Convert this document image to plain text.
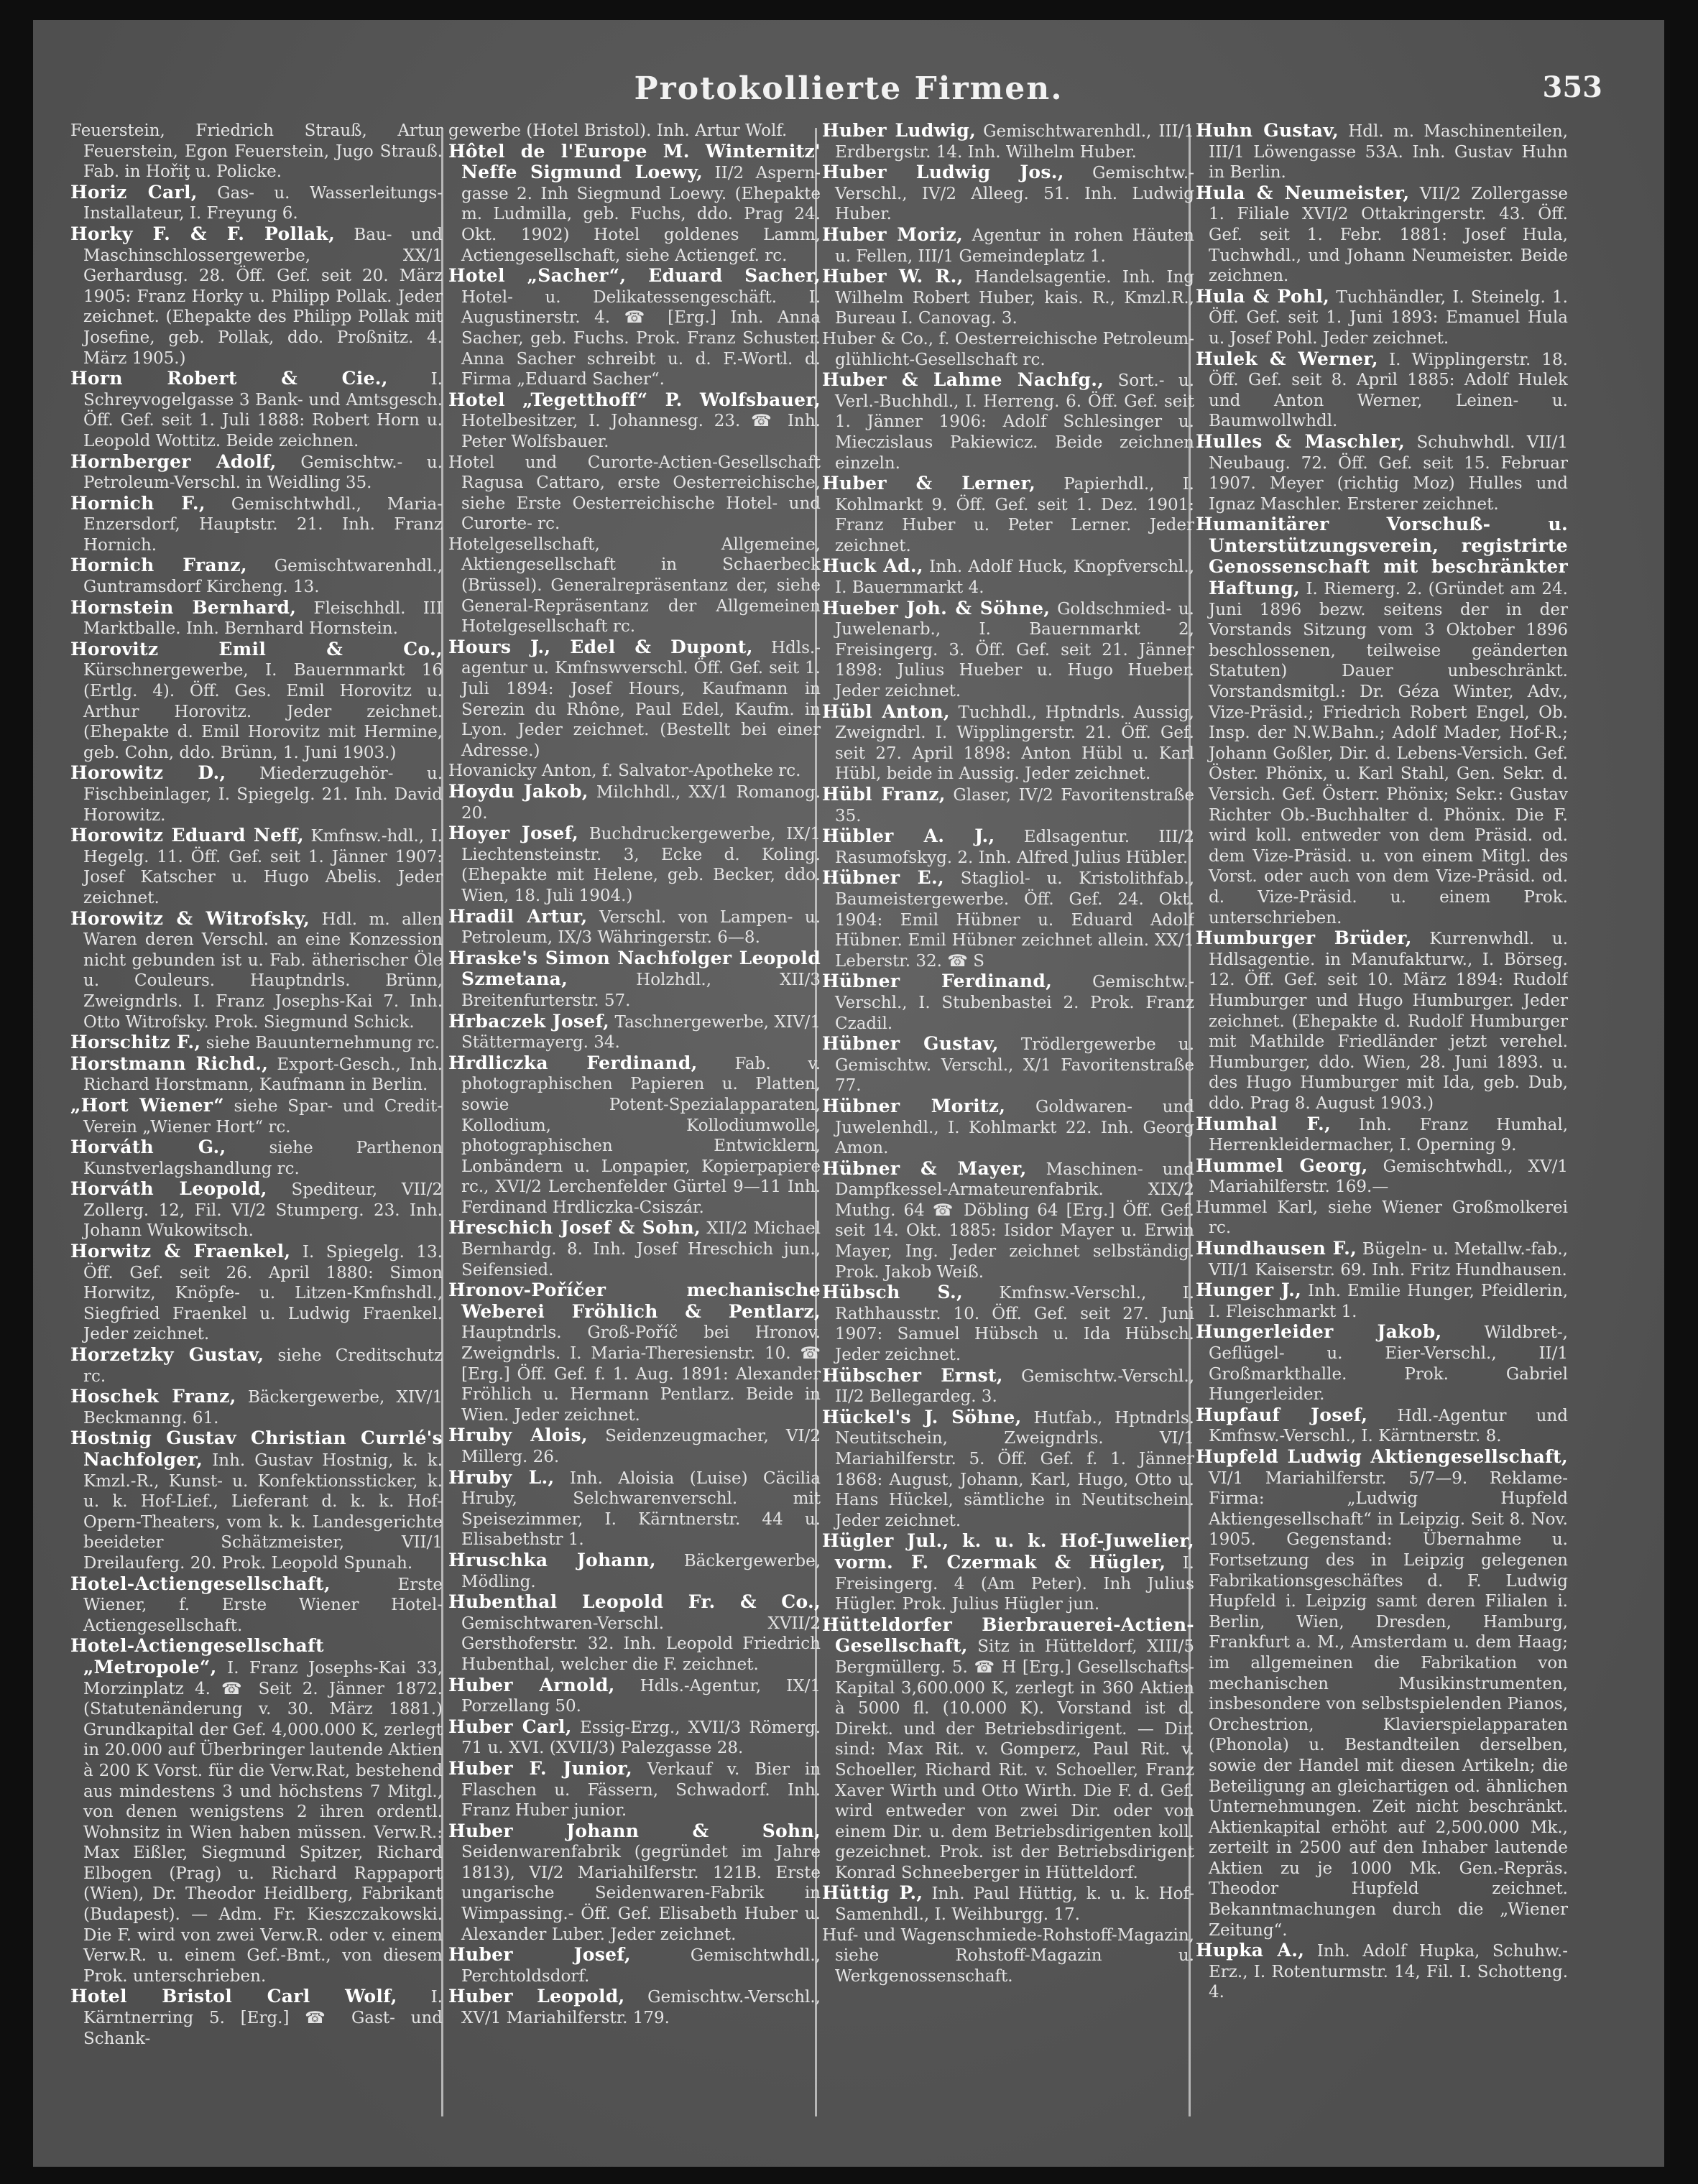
Protokollierte Firmen.	353

Feuerstein, Friedrich Strauß, Artur Feuerstein, Egon Feuerstein, Jugo Strauß. Fab. in Hořiţ u. Policke.

Horiz Carl, Gas- u. Wasserleitungs-Installateur, I. Freyung 6.

Horky F. & F. Pollak, Bau- und Maschinschlossergewerbe, XX/1 Gerhardusg. 28. Öff. Gef. seit 20. März 1905: Franz Horky u. Philipp Pollak. Jeder zeichnet. (Ehepakte des Philipp Pollak mit Josefine, geb. Pollak, ddo. Proßnitz. 4. März 1905.)

Horn Robert & Cie.,	I. Schreyvogelgasse 3 Bank- und Amtsgesch. Öff. Gef. seit 1. Juli 1888: Robert Horn u. Leopold Wottitz. Beide zeichnen.

Hornberger Adolf, Gemischtw.- u. Petroleum-Verschl. in Weidling 35.

Hornich F., Gemischtwhdl., Maria-Enzersdorf, Hauptstr. 21. Inh. Franz Hornich.

Hornich Franz, Gemischtwarenhdl., Guntramsdorf Kircheng. 13.

Hornstein Bernhard, Fleischhdl. III Marktballe. Inh. Bernhard Hornstein.

Horovitz Emil & Co., Kürschnergewerbe, I. Bauernmarkt 16 (Ertlg. 4). Öff. Ges. Emil Horovitz u. Arthur Horovitz. Jeder zeichnet. (Ehepakte d. Emil Horovitz mit Hermine, geb. Cohn, ddo. Brünn, 1. Juni 1903.)

Horowitz D., Miederzugehör- u. Fischbeinlager, I. Spiegelg. 21. Inh. David Horowitz.

Horowitz Eduard Neff, Kmfnsw.-hdl., I. Hegelg. 11. Öff. Gef. seit 1. Jänner 1907: Josef Katscher u. Hugo Abelis. Jeder zeichnet.

Horowitz & Witrofsky, Hdl. m. allen Waren deren Verschl. an eine Konzession nicht gebunden ist u. Fab. ätherischer Öle u. Couleurs. Hauptndrls. Brünn, Zweigndrls. I. Franz Josephs-Kai 7. Inh. Otto Witrofsky. Prok. Siegmund Schick.

Horschitz F., siehe Bauunternehmung rc.

Horstmann Richd., Export-Gesch., Inh. Richard Horstmann, Kaufmann in Berlin.

„Hort Wiener“ siehe Spar- und Credit-Verein „Wiener Hort“ rc.

Horváth G.,	siehe Parthenon Kunstverlagshandlung rc.

Horváth Leopold, Spediteur, VII/2 Zollerg. 12, Fil. VI/2 Stumperg. 23. Inh. Johann Wukowitsch.

Horwitz & Fraenkel, I. Spiegelg. 13. Öff. Gef. seit 26. April 1880: Simon Horwitz, Knöpfe- u. Litzen-Kmfnshdl., Siegfried Fraenkel u. Ludwig Fraenkel. Jeder zeichnet.

Horzetzky Gustav, siehe Creditschutz rc.

Hoschek Franz, Bäckergewerbe, XIV/1 Beckmanng. 61.

Hostnig Gustav Christian Currlé's Nachfolger, Inh. Gustav Hostnig, k. k. Kmzl.-R., Kunst- u. Konfektionssticker, k. u. k. Hof-Lief., Lieferant d. k. k. Hof-Opern-Theaters, vom k. k. Landesgerichte beeideter Schätzmeister, VII/1 Dreilauferg. 20. Prok. Leopold Spunah.

Hotel-Actiengesellschaft,	Erste Wiener, f. Erste Wiener Hotel-Actiengesellschaft.

Hotel-Actiengesellschaft „Metropole“, I. Franz Josephs-Kai 33, Morzinplatz 4. ☎ Seit 2. Jänner 1872. (Statutenänderung v. 30. März 1881.) Grundkapital der Gef. 4,000.000 K, zerlegt in 20.000 auf Überbringer lautende Aktien à 200 K Vorst. für die Verw.Rat, bestehend aus mindestens 3 und höchstens 7 Mitgl., von denen wenigstens 2 ihren ordentl. Wohnsitz in Wien haben müssen. Verw.R.: Max Eißler, Siegmund Spitzer, Richard Elbogen (Prag) u. Richard Rappaport (Wien), Dr. Theodor Heidlberg, Fabrikant (Budapest). — Adm. Fr. Kieszczakowski. Die F. wird von zwei Verw.R. oder v. einem Verw.R. u. einem Gef.-Bmt., von diesem Prok. unterschrieben.

Hotel Bristol Carl Wolf, I. Kärntnerring 5. [Erg.] ☎ Gast- und Schank-

gewerbe (Hotel Bristol). Inh. Artur Wolf.

Hôtel de l'Europe M. Winternitz' Neffe Sigmund Loewy, II/2 Aspern-gasse 2. Inh Siegmund Loewy. (Ehepakte m. Ludmilla, geb. Fuchs, ddo. Prag 24. Okt. 1902) Hotel goldenes Lamm, Actiengesellschaft, siehe Actiengef. rc.

Hotel „Sacher“, Eduard Sacher, Hotel- u. Delikatessengeschäft. I. Augustinerstr. 4. ☎ [Erg.] Inh. Anna Sacher, geb. Fuchs. Prok. Franz Schuster. Anna Sacher schreibt u. d. F.-Wortl. d. Firma „Eduard Sacher“.

Hotel „Tegetthoff“ P. Wolfsbauer, Hotelbesitzer, I. Johannesg. 23. ☎ Inh. Peter Wolfsbauer.

Hotel und Curorte-Actien-Gesellschaft Ragusa Cattaro, erste Oesterreichische, siehe Erste Oesterreichische Hotel- und Curorte- rc.

Hotelgesellschaft, Allgemeine, Aktiengesellschaft in Schaerbeck (Brüssel). Generalrepräsentanz der, siehe General-Repräsentanz der Allgemeinen Hotelgesellschaft rc.

Hours J., Edel & Dupont, Hdls.-agentur u. Kmfnswverschl. Öff. Gef. seit 1. Juli 1894: Josef Hours, Kaufmann in Serezin du Rhône, Paul Edel, Kaufm. in Lyon. Jeder zeichnet. (Bestellt bei einer Adresse.)

Hovanicky Anton, f. Salvator-Apotheke rc.

Hoydu Jakob, Milchhdl., XX/1 Romanog. 20.

Hoyer Josef, Buchdruckergewerbe, IX/1 Liechtensteinstr. 3, Ecke d. Koling. (Ehepakte mit Helene, geb. Becker, ddo. Wien, 18. Juli 1904.)

Hradil Artur, Verschl. von Lampen- u. Petroleum, IX/3 Währingerstr. 6—8.

Hraske's Simon Nachfolger Leopold Szmetana,	Holzhdl., XII/3 Breitenfurterstr. 57.

Hrbaczek Josef, Taschnergewerbe, XIV/1 Stättermayerg. 34.

Hrdliczka Ferdinand, Fab. v. photographischen Papieren u. Platten, sowie Potent-Spezialapparaten, Kollodium, Kollodiumwolle, photographischen Entwicklern, Lonbändern u. Lonpapier, Kopierpapiere rc., XVI/2 Lerchenfelder Gürtel 9—11 Inh. Ferdinand Hrdliczka-Csiszár.

Hreschich Josef & Sohn, XII/2 Michael Bernhardg. 8. Inh. Josef Hreschich jun., Seifensied.

Hronov-Poříčer mechanische Weberei Fröhlich & Pentlarz, Hauptndrls. Groß-Poříč bei Hronov. Zweigndrls. I. Maria-Theresienstr. 10. ☎ [Erg.] Öff. Gef. f. 1. Aug. 1891: Alexander Fröhlich u. Hermann Pentlarz. Beide in Wien. Jeder zeichnet.

Hruby Alois, Seidenzeugmacher, VI/2 Millerg. 26.

Hruby L., Inh. Aloisia (Luise) Cäcilia Hruby, Selchwarenverschl. mit Speisezimmer, I. Kärntnerstr. 44 u. Elisabethstr 1.

Hruschka Johann, Bäckergewerbe, Mödling.

Hubenthal Leopold Fr. & Co., Gemischtwaren-Verschl. XVII/2 Gersthoferstr. 32. Inh. Leopold Friedrich Hubenthal, welcher die F. zeichnet.

Huber Arnold, Hdls.-Agentur, IX/1 Porzellang 50.

Huber Carl, Essig-Erzg., XVII/3 Römerg. 71 u. XVI. (XVII/3) Palezgasse 28.

Huber F. Junior, Verkauf v. Bier in Flaschen u. Fässern, Schwadorf. Inh. Franz Huber junior.

Huber Johann & Sohn, Seidenwarenfabrik (gegründet im Jahre 1813), VI/2 Mariahilferstr. 121B. Erste ungarische Seidenwaren-Fabrik in Wimpassing.- Öff. Gef. Elisabeth Huber u. Alexander Luber. Jeder zeichnet.

Huber Josef,	Gemischtwhdl., Perchtoldsdorf.

Huber Leopold, Gemischtw.-Verschl., XV/1 Mariahilferstr. 179.

Huber Ludwig, Gemischtwarenhdl., III/1 Erdbergstr. 14. Inh. Wilhelm Huber.

Huber Ludwig Jos., Gemischtw.-Verschl., IV/2 Alleeg. 51. Inh. Ludwig Huber.

Huber Moriz, Agentur in rohen Häuten u. Fellen, III/1 Gemeindeplatz 1.

Huber W. R., Handelsagentie. Inh. Ing Wilhelm Robert Huber, kais. R., Kmzl.R., Bureau I. Canovag. 3.

Huber & Co., f. Oesterreichische Petroleum-glühlicht-Gesellschaft rc.

Huber & Lahme Nachfg., Sort.- u. Verl.-Buchhdl., I. Herreng. 6. Öff. Gef. seit 1. Jänner 1906: Adolf Schlesinger u. Mieczislaus Pakiewicz. Beide zeichnen einzeln.

Huber & Lerner, Papierhdl., I. Kohlmarkt 9. Öff. Gef. seit 1. Dez. 1901: Franz Huber u. Peter Lerner. Jeder zeichnet.

Huck Ad., Inh. Adolf Huck, Knopfverschl., I. Bauernmarkt 4.

Hueber Joh. & Söhne, Goldschmied- u. Juwelenarb., I. Bauernmarkt 2, Freisingerg. 3. Öff. Gef. seit 21. Jänner 1898: Julius Hueber u. Hugo Hueber. Jeder zeichnet.

Hübl Anton, Tuchhdl., Hptndrls. Aussig, Zweigndrl. I. Wipplingerstr. 21. Öff. Gef. seit 27. April 1898: Anton Hübl u. Karl Hübl, beide in Aussig. Jeder zeichnet.

Hübl Franz, Glaser, IV/2 Favoritenstraße 35.

Hübler A. J., Edlsagentur. III/2 Rasumofskyg. 2. Inh. Alfred Julius Hübler.

Hübner E., Stagliol- u. Kristolithfab., Baumeistergewerbe. Öff. Gef. 24. Okt. 1904: Emil Hübner u. Eduard Adolf Hübner. Emil Hübner zeichnet allein. XX/1 Leberstr. 32. ☎ S

Hübner Ferdinand, Gemischtw.-Verschl., I. Stubenbastei 2. Prok. Franz Czadil.

Hübner Gustav, Trödlergewerbe u. Gemischtw. Verschl., X/1 Favoritenstraße 77.

Hübner Moritz, Goldwaren- und Juwelenhdl., I. Kohlmarkt 22. Inh. Georg Amon.

Hübner & Mayer, Maschinen- und Dampfkessel-Armateurenfabrik. XIX/2 Muthg. 64 ☎ Döbling 64 [Erg.] Öff. Gef. seit 14. Okt. 1885: Isidor Mayer u. Erwin Mayer, Ing. Jeder zeichnet selbständig. Prok. Jakob Weiß.

Hübsch S., Kmfnsw.-Verschl., I. Rathhausstr. 10. Öff. Gef. seit 27. Juni 1907: Samuel Hübsch u. Ida Hübsch. Jeder zeichnet.

Hübscher Ernst, Gemischtw.-Verschl., II/2 Bellegardeg. 3.

Hückel's J. Söhne, Hutfab., Hptndrls. Neutitschein, Zweigndrls. VI/1 Mariahilferstr. 5. Öff. Gef. f. 1. Jänner 1868: August, Johann, Karl, Hugo, Otto u. Hans Hückel, sämtliche in Neutitschein. Jeder zeichnet.

Hügler Jul., k. u. k. Hof-Juwelier, vorm. F. Czermak & Hügler, I. Freisingerg. 4 (Am Peter). Inh Julius Hügler. Prok. Julius Hügler jun.

Hütteldorfer Bierbrauerei-Actien-Gesellschaft, Sitz in Hütteldorf, XIII/5 Bergmüllerg. 5. ☎ H [Erg.] Gesellschafts-Kapital 3,600.000 K, zerlegt in 360 Aktien à 5000 fl. (10.000 K). Vorstand ist d. Direkt. und der Betriebsdirigent. — Dir. sind: Max Rit. v. Gomperz, Paul Rit. v. Schoeller, Richard Rit. v. Schoeller, Franz Xaver Wirth und Otto Wirth. Die F. d. Gef. wird entweder von zwei Dir. oder von einem Dir. u. dem Betriebsdirigenten koll. gezeichnet. Prok. ist der Betriebsdirigent Konrad Schneeberger in Hütteldorf.

Hüttig P., Inh. Paul Hüttig, k. u. k. Hof-Samenhdl., I. Weihburgg. 17.

Huf- und Wagenschmiede-Rohstoff-Magazin, siehe Rohstoff-Magazin u. Werkgenossenschaft.

Huhn Gustav, Hdl. m. Maschinenteilen, III/1 Löwengasse 53A. Inh. Gustav Huhn in Berlin.

Hula & Neumeister, VII/2 Zollergasse 1. Filiale XVI/2 Ottakringerstr. 43. Öff. Gef. seit 1. Febr. 1881: Josef Hula, Tuchwhdl., und Johann Neumeister. Beide zeichnen.

Hula & Pohl, Tuchhändler, I. Steinelg. 1. Öff. Gef. seit 1. Juni 1893: Emanuel Hula u. Josef Pohl. Jeder zeichnet.

Hulek & Werner, I. Wipplingerstr. 18. Öff. Gef. seit 8. April 1885: Adolf Hulek und Anton Werner, Leinen- u. Baumwollwhdl.

Hulles & Maschler, Schuhwhdl. VII/1 Neubaug. 72. Öff. Gef. seit 15. Februar 1907. Meyer (richtig Moz) Hulles und Ignaz Maschler. Ersterer zeichnet.

Humanitärer Vorschuß- u. Unterstützungsverein, registrirte Genossenschaft mit beschränkter Haftung, I. Riemerg. 2. (Gründet am 24. Juni 1896 bezw. seitens der in der Vorstands Sitzung vom 3 Oktober 1896 beschlossenen, teilweise geänderten Statuten) Dauer unbeschränkt. Vorstandsmitgl.: Dr. Géza Winter, Adv., Vize-Präsid.; Friedrich Robert Engel, Ob. Insp. der N.W.Bahn.; Adolf Mader, Hof-R.; Johann Goßler, Dir. d. Lebens-Versich. Gef. Öster. Phönix, u. Karl Stahl, Gen. Sekr. d. Versich. Gef. Österr. Phönix; Sekr.: Gustav Richter Ob.-Buchhalter d. Phönix. Die F. wird koll. entweder von dem Präsid. od. dem Vize-Präsid. u. von einem Mitgl. des Vorst. oder auch von dem Vize-Präsid. od. d. Vize-Präsid. u. einem Prok. unterschrieben.

Humburger Brüder, Kurrenwhdl. u. Hdlsagentie. in Manufakturw., I. Börseg. 12. Öff. Gef. seit 10. März 1894: Rudolf Humburger und Hugo Humburger. Jeder zeichnet. (Ehepakte d. Rudolf Humburger mit Mathilde Friedländer jetzt verehel. Humburger, ddo. Wien, 28. Juni 1893. u. des Hugo Humburger mit Ida, geb. Dub, ddo. Prag 8. August 1903.)

Humhal F., Inh. Franz Humhal, Herrenkleidermacher, I. Operning 9.

Hummel Georg, Gemischtwhdl., XV/1 Mariahilferstr. 169.—

Hummel Karl, siehe Wiener Großmolkerei rc.

Hundhausen F., Bügeln- u. Metallw.-fab., VII/1 Kaiserstr. 69. Inh. Fritz Hundhausen.

Hunger J., Inh. Emilie Hunger, Pfeidlerin, I. Fleischmarkt 1.

Hungerleider Jakob,	Wildbret-, Geflügel- u. Eier-Verschl., II/1 Großmarkthalle. Prok. Gabriel Hungerleider.

Hupfauf Josef, Hdl.-Agentur und Kmfnsw.-Verschl., I. Kärntnerstr. 8.

Hupfeld Ludwig Aktiengesellschaft, VI/1 Mariahilferstr. 5/7—9. Reklame-Firma: „Ludwig Hupfeld Aktiengesellschaft“ in Leipzig. Seit 8. Nov. 1905. Gegenstand: Übernahme u. Fortsetzung des in Leipzig gelegenen Fabrikationsgeschäftes d. F. Ludwig Hupfeld i. Leipzig samt deren Filialen i. Berlin, Wien, Dresden, Hamburg, Frankfurt a. M., Amsterdam u. dem Haag; im allgemeinen die Fabrikation von mechanischen Musikinstrumenten, insbesondere von selbstspielenden Pianos, Orchestrion, Klavierspielapparaten (Phonola) u. Bestandteilen derselben, sowie der Handel mit diesen Artikeln; die Beteiligung an gleichartigen od. ähnlichen Unternehmungen. Zeit nicht beschränkt. Aktienkapital erhöht auf 2,500.000 Mk., zerteilt in 2500 auf den Inhaber lautende Aktien zu je 1000 Mk. Gen.-Repräs. Theodor Hupfeld zeichnet. Bekanntmachungen durch die „Wiener Zeitung“.

Hupka A., Inh. Adolf Hupka, Schuhw.-Erz., I. Rotenturmstr. 14, Fil. I. Schotteng. 4.
